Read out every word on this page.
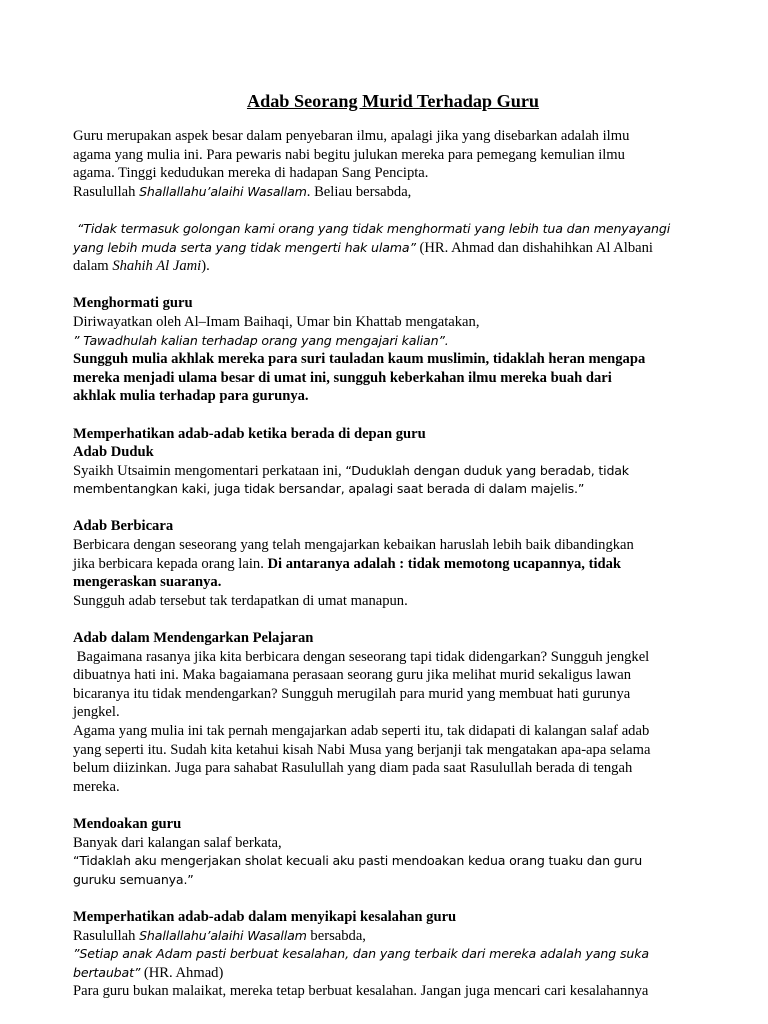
Adab Seorang Murid Terhadap Guru

Guru merupakan aspek besar dalam penyebaran ilmu, apalagi jika yang disebarkan adalah ilmu

agama yang mulia ini. Para pewaris nabi begitu julukan mereka para pemegang kemulian ilmu

agama. Tinggi kedudukan mereka di hadapan Sang Pencipta.

Rasulullah Shallallahu’alaihi Wasallam. Beliau bersabda,

“Tidak termasuk golongan kami orang yang tidak menghormati yang lebih tua dan menyayangi

yang lebih muda serta yang tidak mengerti hak ulama” (HR. Ahmad dan dishahihkan Al Albani

dalam Shahih Al Jami).

Menghormati guru

Diriwayatkan oleh Al–Imam Baihaqi, Umar bin Khattab mengatakan,

” Tawadhulah kalian terhadap orang yang mengajari kalian”.

Sungguh mulia akhlak mereka para suri tauladan kaum muslimin, tidaklah heran mengapa

mereka menjadi ulama besar di umat ini, sungguh keberkahan ilmu mereka buah dari

akhlak mulia terhadap para gurunya.

Memperhatikan adab-adab ketika berada di depan guru

Adab Duduk

Syaikh Utsaimin mengomentari perkataan ini, “Duduklah dengan duduk yang beradab, tidak

membentangkan kaki, juga tidak bersandar, apalagi saat berada di dalam majelis.”

Adab Berbicara

Berbicara dengan seseorang yang telah mengajarkan kebaikan haruslah lebih baik dibandingkan

jika berbicara kepada orang lain. Di antaranya adalah : tidak memotong ucapannya, tidak

mengeraskan suaranya.

Sungguh adab tersebut tak terdapatkan di umat manapun.

Adab dalam Mendengarkan Pelajaran

Bagaimana rasanya jika kita berbicara dengan seseorang tapi tidak didengarkan? Sungguh jengkel

dibuatnya hati ini. Maka bagaiamana perasaan seorang guru jika melihat murid sekaligus lawan

bicaranya itu tidak mendengarkan? Sungguh merugilah para murid yang membuat hati gurunya

jengkel.

Agama yang mulia ini tak pernah mengajarkan adab seperti itu, tak didapati di kalangan salaf adab

yang seperti itu. Sudah kita ketahui kisah Nabi Musa yang berjanji tak mengatakan apa-apa selama

belum diizinkan. Juga para sahabat Rasulullah yang diam pada saat Rasulullah berada di tengah

mereka.

Mendoakan guru

Banyak dari kalangan salaf berkata,

“Tidaklah aku mengerjakan sholat kecuali aku pasti mendoakan kedua orang tuaku dan guru

guruku semuanya.”

Memperhatikan adab-adab dalam menyikapi kesalahan guru

Rasulullah Shallallahu’alaihi Wasallam bersabda,

”Setiap anak Adam pasti berbuat kesalahan, dan yang terbaik dari mereka adalah yang suka

bertaubat” (HR. Ahmad)

Para guru bukan malaikat, mereka tetap berbuat kesalahan. Jangan juga mencari cari kesalahannya
